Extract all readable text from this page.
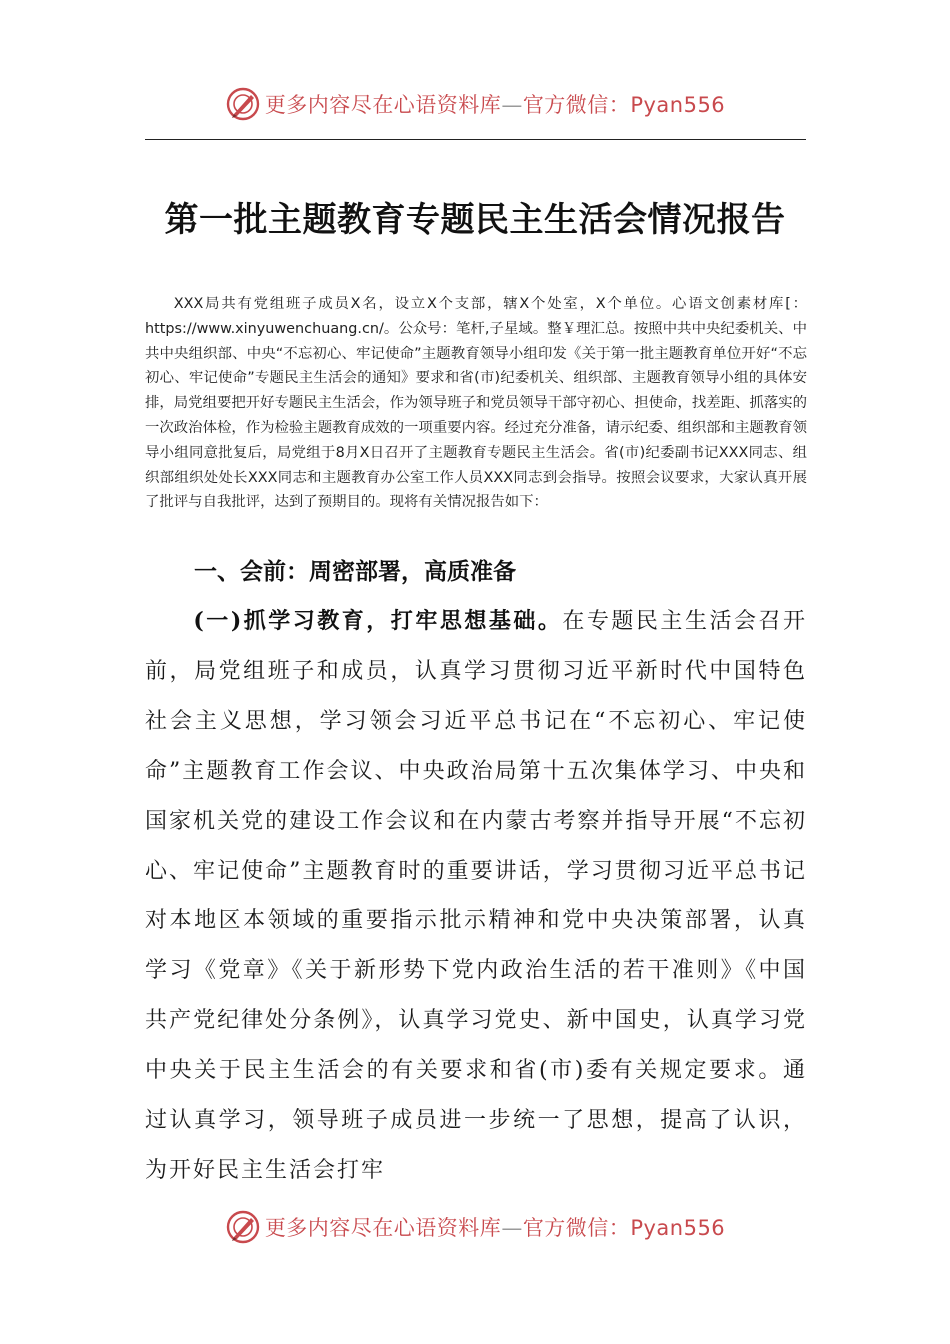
更多内容尽在心语资料库—官方微信：Pyan556
第一批主题教育专题民主生活会情况报告
XXX局共有党组班子成员X名，设立X个支部，辖X个处室，X个单位。心语文创素材库[：https://www.xinyuwenchuang.cn/。公众号：笔杆,子星域。整￥理汇总。按照中共中央纪委机关、中共中央组织部、中央“不忘初心、牢记使命”主题教育领导小组印发《关于第一批主题教育单位开好“不忘初心、牢记使命”专题民主生活会的通知》要求和省(市)纪委机关、组织部、主题教育领导小组的具体安排，局党组要把开好专题民主生活会，作为领导班子和党员领导干部守初心、担使命，找差距、抓落实的一次政治体检，作为检验主题教育成效的一项重要内容。经过充分准备，请示纪委、组织部和主题教育领导小组同意批复后，局党组于8月X日召开了主题教育专题民主生活会。省(市)纪委副书记XXX同志、组织部组织处处长XXX同志和主题教育办公室工作人员XXX同志到会指导。按照会议要求，大家认真开展了批评与自我批评，达到了预期目的。现将有关情况报告如下：
一、会前：周密部署，高质准备
(一)抓学习教育，打牢思想基础。在专题民主生活会召开前，局党组班子和成员，认真学习贯彻习近平新时代中国特色社会主义思想，学习领会习近平总书记在“不忘初心、牢记使命”主题教育工作会议、中央政治局第十五次集体学习、中央和国家机关党的建设工作会议和在内蒙古考察并指导开展“不忘初心、牢记使命”主题教育时的重要讲话，学习贯彻习近平总书记对本地区本领域的重要指示批示精神和党中央决策部署，认真学习《党章》《关于新形势下党内政治生活的若干准则》《中国共产党纪律处分条例》，认真学习党史、新中国史，认真学习党中央关于民主生活会的有关要求和省(市)委有关规定要求。通过认真学习，领导班子成员进一步统一了思想，提高了认识，为开好民主生活会打牢
更多内容尽在心语资料库—官方微信：Pyan556
